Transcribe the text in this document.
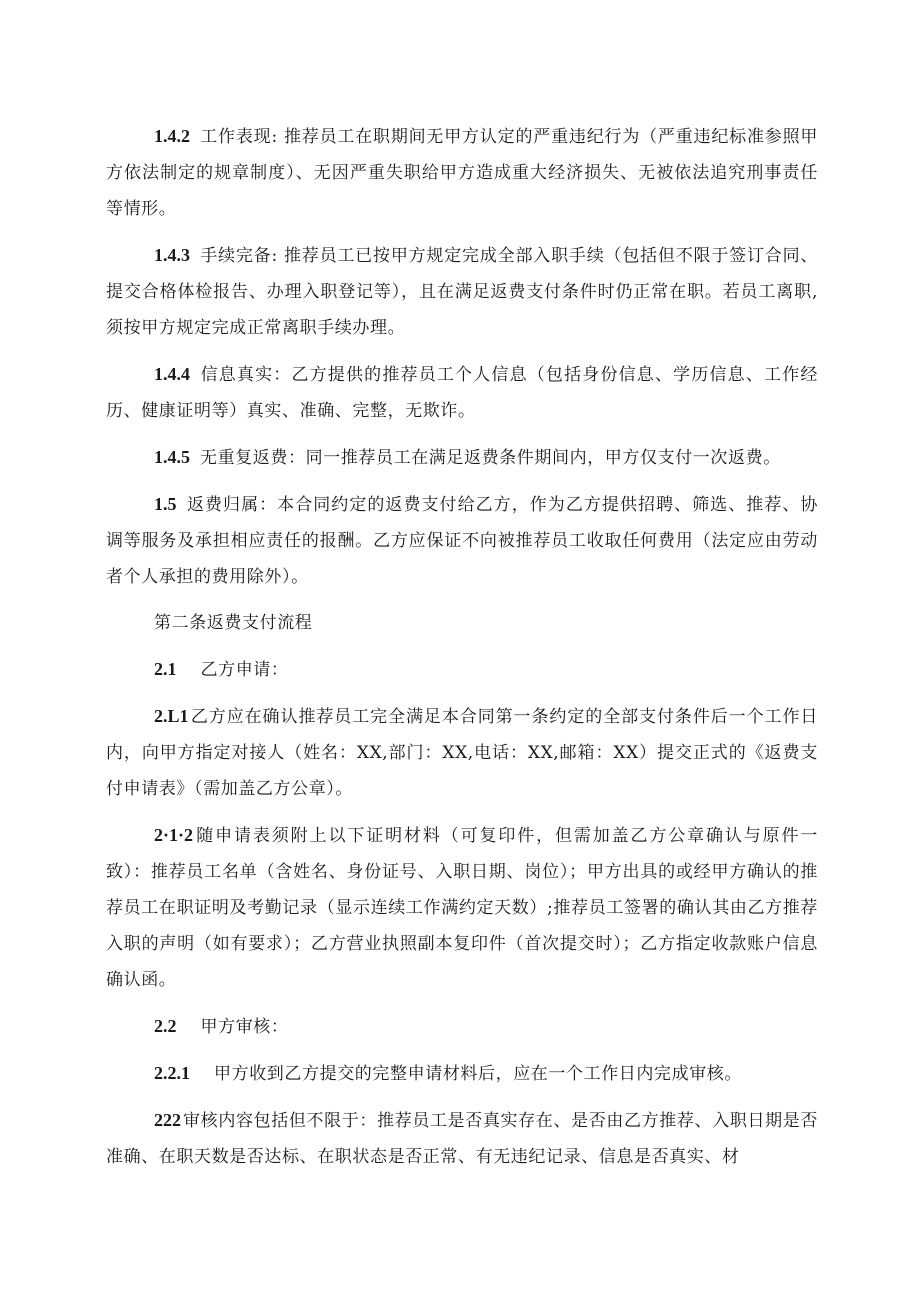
1.4.2 工作表现: 推荐员工在职期间无甲方认定的严重违纪行为（严重违纪标准参照甲方依法制定的规章制度）、无因严重失职给甲方造成重大经济损失、无被依法追究刑事责任等情形。

1.4.3 手续完备: 推荐员工已按甲方规定完成全部入职手续（包括但不限于签订合同、提交合格体检报告、办理入职登记等），且在满足返费支付条件时仍正常在职。若员工离职,须按甲方规定完成正常离职手续办理。

1.4.4 信息真实：乙方提供的推荐员工个人信息（包括身份信息、学历信息、工作经历、健康证明等）真实、准确、完整，无欺诈。

1.4.5 无重复返费：同一推荐员工在满足返费条件期间内，甲方仅支付一次返费。

1.5 返费归属：本合同约定的返费支付给乙方，作为乙方提供招聘、筛选、推荐、协调等服务及承担相应责任的报酬。乙方应保证不向被推荐员工收取任何费用（法定应由劳动者个人承担的费用除外）。

第二条返费支付流程

2.1 乙方申请：

2.L1 乙方应在确认推荐员工完全满足本合同第一条约定的全部支付条件后一个工作日内，向甲方指定对接人（姓名：XX,部门：XX,电话：XX,邮箱：XX）提交正式的《返费支付申请表》（需加盖乙方公章）。

2·1·2 随申请表须附上以下证明材料（可复印件，但需加盖乙方公章确认与原件一致）：推荐员工名单（含姓名、身份证号、入职日期、岗位）；甲方出具的或经甲方确认的推荐员工在职证明及考勤记录（显示连续工作满约定天数）;推荐员工签署的确认其由乙方推荐入职的声明（如有要求）；乙方营业执照副本复印件（首次提交时）；乙方指定收款账户信息确认函。

2.2 甲方审核：

2.2.1 甲方收到乙方提交的完整申请材料后，应在一个工作日内完成审核。

222 审核内容包括但不限于：推荐员工是否真实存在、是否由乙方推荐、入职日期是否准确、在职天数是否达标、在职状态是否正常、有无违纪记录、信息是否真实、材
